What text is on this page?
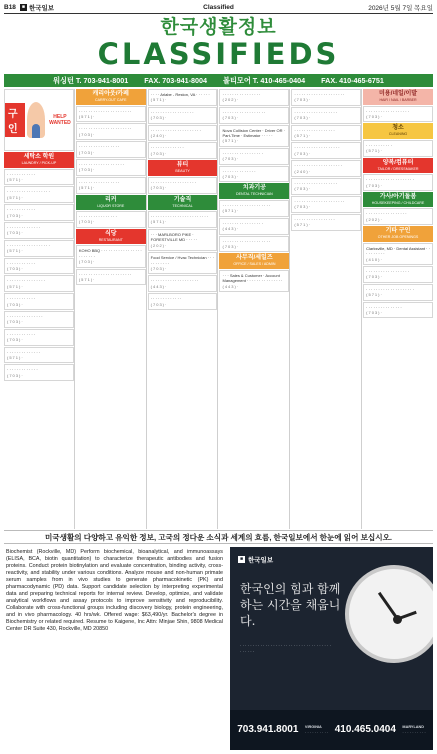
B18	■ 한국일보	Classified	2026년 5월 7일 목요일
한국생활정보
CLASSIFIEDS
워싱턴 T. 703-941-8001 FAX. 703-941-8004 볼티모어 T. 410-465-0404 FAX. 410-465-6751
구인
HELP WANTED
세탁소 학원
LAUNDRY / PICK-UP
· · · · · · · · · · · ·
(571)·
· · · · · · · · · · · · · · · · · ·
(571)·
· · · · · · · · · · · ·
(703)·
· · · · · · · · · · · · · ·
(703)·
· · · · · · · · · · · · · · · · · ·
(571)·
· · · · · · · · · · · ·
(703)·
· · · · · · · · · · · · · · · ·
(571)·
· · · · · · · · · · · ·
(703)·
· · · · · · · · · · · · · · ·
(703)·
· · · · · · · · · · · ·
(703)·
· · · · · · · · · · · · · ·
(571)·
· · · · · · · · · · · · ·
(703)·
캐리아웃/카페
CARRY-OUT CAFE
· · · · · · · · · · · · · · · · · · · · · ·
(571)·
· · · · · · · · · · · · · · · · · · · · · ·
(703)·
· · · · · · · · · · · · · · · · ·
(703)·
· · · · · · · · · · · · · · · · · · ·
(703)·
· · · · · · · · · · · · · · · · ·
(571)·
리커
LIQUOR STORE
· · · · · · · · · · · · · · · ·
(703)·
식당
RESTAURANT
KOHO BBQ · · · · · · · · · · · · · · · · · · · · · · · ·
(703)·
· · · · · · · · · · · · · · · · · · · · · ·
(571)·
· · · · Arlabe - Reston, VA · · · · · ·
(571)·
· · · · · · · · · · · · · · · · · ·
(703)·
· · · · · · · · · · · · · · · · · · · · ·
(240)·
· · · · · · · · · · · · · ·
(703)·
뷰티
BEAUTY
· · · · · · · · · · · · · · · · · · ·
(703)·
기술직
TECHNICAL
· · · · · · · · · · · · · · · · · · · · · · · ·
(571)·
· · · MARLBORO PIKE · FORESTVILLE MD · · · · ·
(202)·
Food Service / Hvac Technician · · · · · · · · · · ·
(703)·
· · · · · · · · · · · · · · · · · · · ·
(443)·
· · · · · · · · · · · · ·
(703)·
· · · · · · · · · · · · · · · ·
(202)·
· · · · · · · · · · · · · · · · · ·
(703)·
Nova Collision Center · Driver OR · Part-Time · Estimator · · · · ·
(571)·
· · · · · · · · · · · · · · · · ·
(703)·
· · · · · · · · · · · · · ·
(703)·
치과기공
DENTAL TECHNICIAN
· · · · · · · · · · · · · · · · · · · ·
(571)·
· · · · · · · · · · · · · · · · ·
(443)·
· · · · · · · · · · · · · · · · · · · ·
(703)·
사무직/세일즈
OFFICE / SALES / ADMIN
· · · Sales & Customer · Account Management · · · · · · · · · · · · · · ·
(443)·
· · · · · · · · · · · · · · · · · · · · ·
(703)·
· · · · · · · · · · · · · · · · · ·
(703)·
· · · · · · · · · · · · · · · · ·
(571)·
· · · · · · · · · · · · · · · · · · ·
(703)·
· · · · · · · · · · · · · · · · · · · ·
(240)·
· · · · · · · · · · · · · · · · · ·
(703)·
· · · · · · · · · · · · · · · · · · · · ·
(703)·
· · · · · · · · · · · · · · · · ·
(571)·
미용/네일/이발
HAIR / NAIL / BARBER
· · · · · · · · · · · · · · · · · ·
(703)·
청소
CLEANING
· · · · · · · · · · ·
(571)·
양복/컴퓨터
TAILOR / DRESSMAKER
· · · · · · · · · · · · · · · · · · · ·
(703)·
가사/아기돌봄
HOUSEKEEPING / CHILDCARE
· · · · · · · · · · · · · · · · ·
(202)·
기타 구인
OTHER JOB OPENINGS
Clarksville, MD · Dental Assistant · · · · · · · · · ·
(410)·
· · · · · · · · · · · · · · · · · ·
(703)·
· · · · · · · · · · · · · · · · · · · ·
(571)·
· · · · · · · · · · · · · · ·
(703)·
미국생활의 다양하고 유익한 정보, 고국의 정다운 소식과 세계의 흐름, 한국일보에서 한눈에 읽어 보십시오.
Biochemist (Rockville, MD) Perform biochemical, bioanalytical, and immunoassays (ELISA, BCA, biotin quantitation) to characterize therapeutic antibodies and fusion proteins. Conduct protein biotinylation and evaluate concentration, binding activity, cross-reactivity, and stability under various conditions. Analyze mouse and non-human primate serum samples from in vivo studies to generate pharmacokinetic (PK) and pharmacodynamic (PD) data. Support candidate selection by interpreting experimental data and preparing technical reports for internal review. Develop, optimize, and validate analytical workflows and assay protocols to improve sensitivity and reproducibility. Collaborate with cross-functional groups including discovery biology, protein engineering, and in vivo pharmacology. 40 hrs/wk. Offered wage: $63,490/yr. Bachelor's degree in Biochemistry or related required. Resume to Kaigene, Inc Attn: Minjae Shin, 9808 Medical Center DR Suite 430, Rockville, MD 20850
■ 한국일보
한국인의 힘과 함께하는 시간을 채웁니다.
· · · · · · · · · · · · · · · · · · · · · · · · · · · · · · · · · · · · · · · · · ·
703.941.8001 VIRGINIA
· · · · · · · · · · 410.465.0404 MARYLAND
· · · · · · · · · ·
